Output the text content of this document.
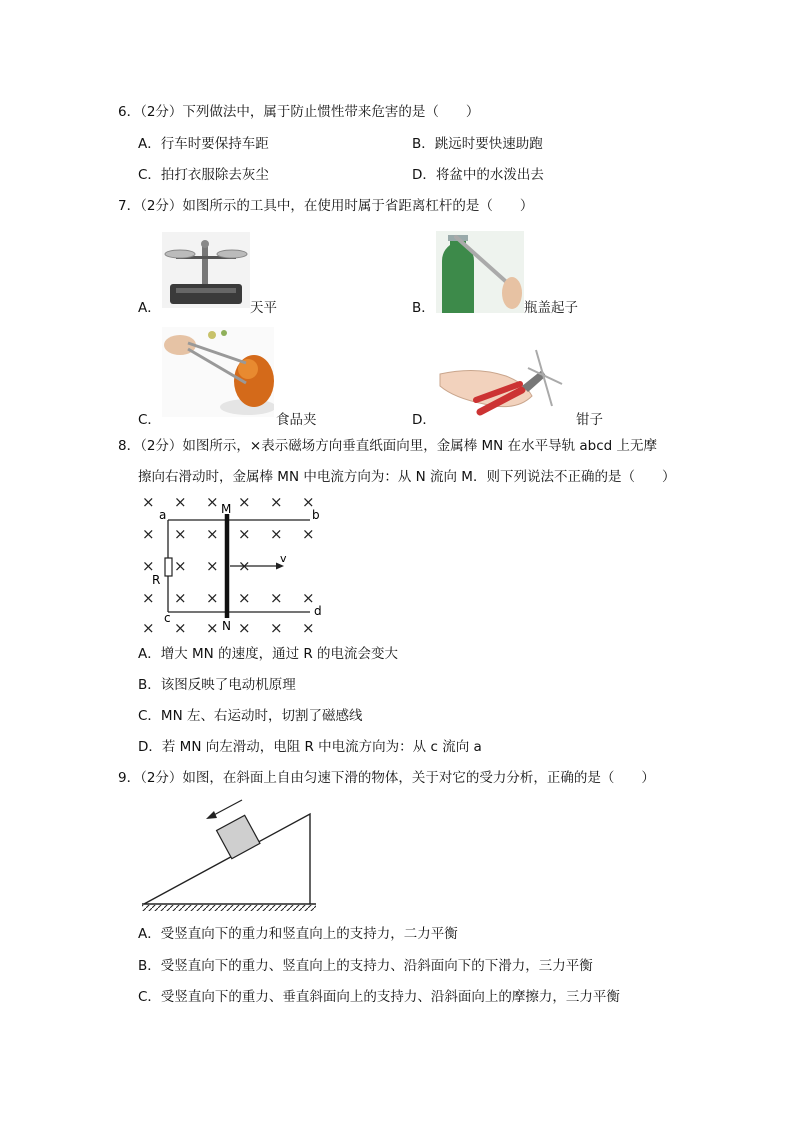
6．（2分）下列做法中，属于防止惯性带来危害的是（　　）
A．行车时要保持车距	B．跳远时要快速助跑
C．拍打衣服除去灰尘	D．将盆中的水泼出去
7．（2分）如图所示的工具中，在使用时属于省距离杠杆的是（　　）
A．	天平	B．	瓶盖起子
C．	食品夹	D．	钳子
8．（2分）如图所示，×表示磁场方向垂直纸面向里，金属棒 MN 在水平导轨 abcd 上无摩
擦向右滑动时，金属棒 MN 中电流方向为：从 N 流向 M．则下列说法不正确的是（　　）
× × × × × ×
× × × × × ×
× × × ×
× × × × × ×
× × × × × ×
a	b
c	d
M
N
R
v
A．增大 MN 的速度，通过 R 的电流会变大
B．该图反映了电动机原理
C．MN 左、右运动时，切割了磁感线
D．若 MN 向左滑动，电阻 R 中电流方向为：从 c 流向 a
9．（2分）如图，在斜面上自由匀速下滑的物体，关于对它的受力分析，正确的是（　　）
A．受竖直向下的重力和竖直向上的支持力，二力平衡
B．受竖直向下的重力、竖直向上的支持力、沿斜面向下的下滑力，三力平衡
C．受竖直向下的重力、垂直斜面向上的支持力、沿斜面向上的摩擦力，三力平衡
